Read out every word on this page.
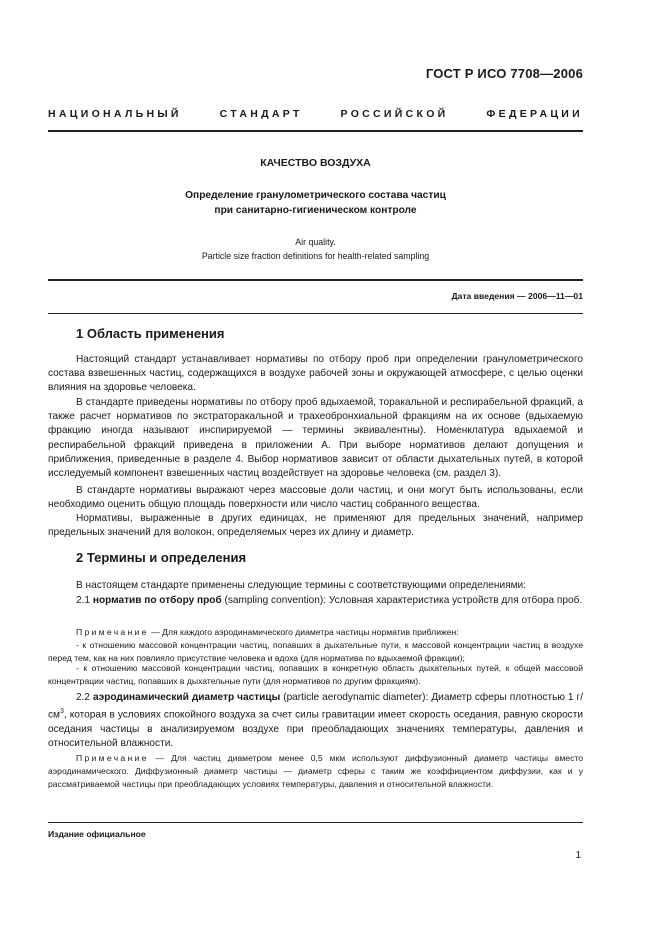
ГОСТ Р ИСО 7708—2006
НАЦИОНАЛЬНЫЙ СТАНДАРТ РОССИЙСКОЙ ФЕДЕРАЦИИ
КАЧЕСТВО ВОЗДУХА
Определение гранулометрического состава частиц
при санитарно-гигиеническом контроле
Air quality.
Particle size fraction definitions for health-related sampling
Дата введения — 2006—11—01
1 Область применения

Настоящий стандарт устанавливает нормативы по отбору проб при определении гранулометрического состава взвешенных частиц, содержащихся в воздухе рабочей зоны и окружающей атмосфере, с целью оценки влияния на здоровье человека.

В стандарте приведены нормативы по отбору проб вдыхаемой, торакальной и респирабельной фракций, а также расчет нормативов по экстраторакальной и трахеобронхиальной фракциям на их основе (вдыхаемую фракцию иногда называют инспирируемой — термины эквивалентны). Номенклатура вдыхаемой и респирабельной фракций приведена в приложении А. При выборе нормативов делают допущения и приближения, приведенные в разделе 4. Выбор нормативов зависит от области дыхательных путей, в которой исследуемый компонент взвешенных частиц воздействует на здоровье человека (см. раздел 3).

В стандарте нормативы выражают через массовые доли частиц, и они могут быть использованы, если необходимо оценить общую площадь поверхности или число частиц собранного вещества.

Нормативы, выраженные в других единицах, не применяют для предельных значений, например предельных значений для волокон, определяемых через их длину и диаметр.

2 Термины и определения

В настоящем стандарте применены следующие термины с соответствующими определениями:

2.1 норматив по отбору проб (sampling convention): Условная характеристика устройств для отбора проб.

Примечание — Для каждого аэродинамического диаметра частицы норматив приближен:

- к отношению массовой концентрации частиц, попавших в дыхательные пути, к массовой концентрации частиц в воздухе перед тем, как на них повлияло присутствие человека и вдоха (для норматива по вдыхаемой фракции);

- к отношению массовой концентрации частиц, попавших в конкретную область дыхательных путей, к общей массовой концентрации частиц, попавших в дыхательные пути (для нормативов по другим фракциям).

2.2 аэродинамический диаметр частицы (particle aerodynamic diameter): Диаметр сферы плотностью 1 $г/см^3$, которая в условиях спокойного воздуха за счет силы гравитации имеет скорость оседания, равную скорости оседания частицы в анализируемом воздухе при преобладающих значениях температуры, давления и относительной влажности.

Примечание — Для частиц диаметром менее 0,5 мкм используют диффузионный диаметр частицы вместо аэродинамического. Диффузионный диаметр частицы — диаметр сферы с таким же коэффициентом диффузии, как и у рассматриваемой частицы при преобладающих условиях температуры, давления и относительной влажности.

Издание официальное
1
